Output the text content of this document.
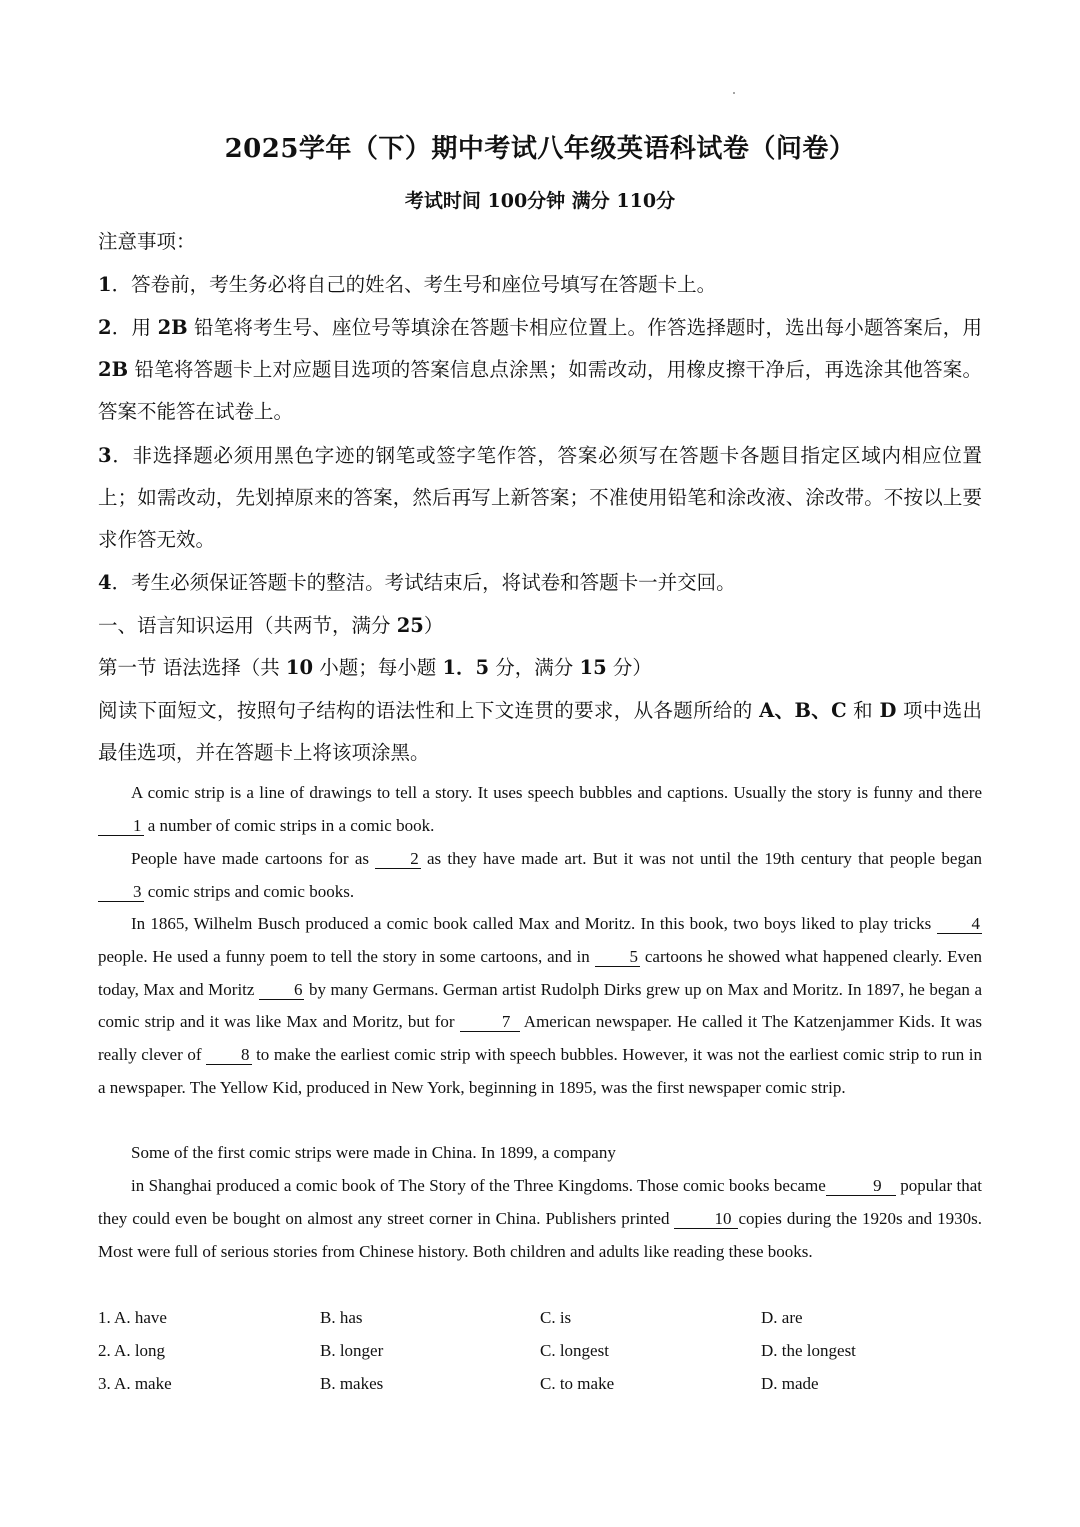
2025学年（下）期中考试八年级英语科试卷（问卷）
考试时间 100分钟 满分 110分
注意事项：
1．答卷前，考生务必将自己的姓名、考生号和座位号填写在答题卡上。
2．用 2B 铅笔将考生号、座位号等填涂在答题卡相应位置上。作答选择题时，选出每小题答案后，用 2B 铅笔将答题卡上对应题目选项的答案信息点涂黑；如需改动，用橡皮擦干净后，再选涂其他答案。答案不能答在试卷上。
3．非选择题必须用黑色字迹的钢笔或签字笔作答，答案必须写在答题卡各题目指定区域内相应位置上；如需改动，先划掉原来的答案，然后再写上新答案；不准使用铅笔和涂改液、涂改带。不按以上要求作答无效。
4．考生必须保证答题卡的整洁。考试结束后，将试卷和答题卡一并交回。
一、语言知识运用（共两节，满分 25）
第一节 语法选择（共 10 小题；每小题 1．5 分，满分 15 分）
阅读下面短文，按照句子结构的语法性和上下文连贯的要求，从各题所给的 A、B、C 和 D 项中选出最佳选项，并在答题卡上将该项涂黑。
A comic strip is a line of drawings to tell a story. It uses speech bubbles and captions. Usually the story is funny and there 1 a number of comic strips in a comic book.
People have made cartoons for as 2 as they have made art. But it was not until the 19th century that people began 3 comic strips and comic books.
In 1865, Wilhelm Busch produced a comic book called Max and Moritz. In this book, two boys liked to play tricks 4 people. He used a funny poem to tell the story in some cartoons, and in 5 cartoons he showed what happened clearly. Even today, Max and Moritz 6 by many Germans. German artist Rudolph Dirks grew up on Max and Moritz. In 1897, he began a comic strip and it was like Max and Moritz, but for 7 American newspaper. He called it The Katzenjammer Kids. It was really clever of 8 to make the earliest comic strip with speech bubbles. However, it was not the earliest comic strip to run in a newspaper. The Yellow Kid, produced in New York, beginning in 1895, was the first newspaper comic strip.
Some of the first comic strips were made in China. In 1899, a company
in Shanghai produced a comic book of The Story of the Three Kingdoms. Those comic books became	9 popular that they could even be bought on almost any street corner in China. Publishers printed 10 copies during the 1920s and 1930s. Most were full of serious stories from Chinese history. Both children and adults like reading these books.
1. A. have	B. has	C. is	D. are
2. A. long	B. longer	C. longest	D. the longest
3. A. make	B. makes	C. to make	D. made
